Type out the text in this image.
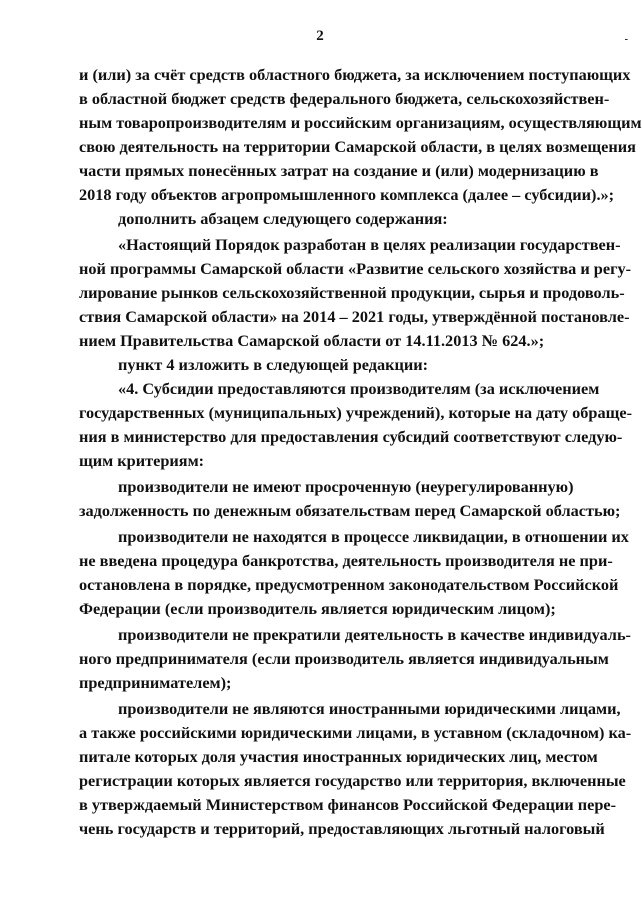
2	-
и (или) за счёт средств областного бюджета, за исключением поступающих
в областной бюджет средств федерального бюджета, сельскохозяйствен-
ным товаропроизводителям и российским организациям, осуществляющим
свою деятельность на территории Самарской области, в целях возмещения
части прямых понесённых затрат на создание и (или) модернизацию в
2018 году объектов агропромышленного комплекса (далее – субсидии).»;
дополнить абзацем следующего содержания:
«Настоящий Порядок разработан в целях реализации государствен-
ной программы Самарской области «Развитие сельского хозяйства и регу-
лирование рынков сельскохозяйственной продукции, сырья и продоволь-
ствия Самарской области» на 2014 – 2021 годы, утверждённой постановле-
нием Правительства Самарской области от 14.11.2013 № 624.»;
пункт 4 изложить в следующей редакции:
«4. Субсидии предоставляются производителям (за исключением
государственных (муниципальных) учреждений), которые на дату обраще-
ния в министерство для предоставления субсидий соответствуют следую-
щим критериям:
производители не имеют просроченную (неурегулированную)
задолженность по денежным обязательствам перед Самарской областью;
производители не находятся в процессе ликвидации, в отношении их
не введена процедура банкротства, деятельность производителя не при-
остановлена в порядке, предусмотренном законодательством Российской
Федерации (если производитель является юридическим лицом);
производители не прекратили деятельность в качестве индивидуаль-
ного предпринимателя (если производитель является индивидуальным
предпринимателем);
производители не являются иностранными юридическими лицами,
а также российскими юридическими лицами, в уставном (складочном) ка-
питале которых доля участия иностранных юридических лиц, местом
регистрации которых является государство или территория, включенные
в утверждаемый Министерством финансов Российской Федерации пере-
чень государств и территорий, предоставляющих льготный налоговый
